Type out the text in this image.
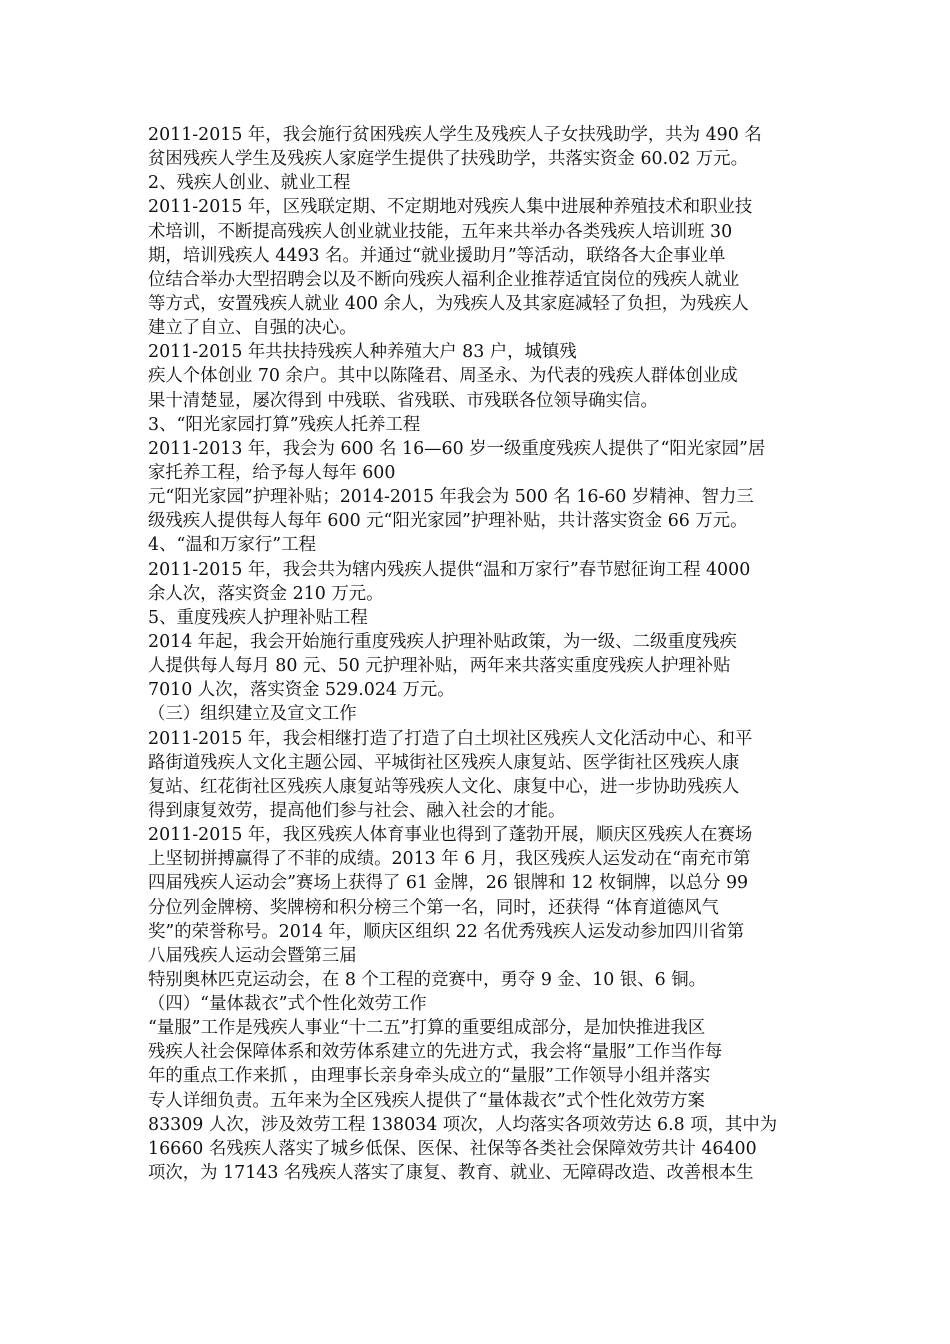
2011-2015 年，我会施行贫困残疾人学生及残疾人子女扶残助学，共为 490 名
贫困残疾人学生及残疾人家庭学生提供了扶残助学，共落实资金 60.02 万元。
2、残疾人创业、就业工程
2011-2015 年，区残联定期、不定期地对残疾人集中进展种养殖技术和职业技
术培训，不断提高残疾人创业就业技能，五年来共举办各类残疾人培训班 30
期，培训残疾人 4493 名。并通过“就业援助月”等活动，联络各大企事业单
位结合举办大型招聘会以及不断向残疾人福利企业推荐适宜岗位的残疾人就业
等方式，安置残疾人就业 400 余人，为残疾人及其家庭减轻了负担，为残疾人
建立了自立、自强的决心。
2011-2015 年共扶持残疾人种养殖大户 83 户，城镇残
疾人个体创业 70 余户。其中以陈隆君、周圣永、为代表的残疾人群体创业成
果十清楚显，屡次得到 中残联、省残联、市残联各位领导确实信。
3、“阳光家园打算”残疾人托养工程
2011-2013 年，我会为 600 名 16—60 岁一级重度残疾人提供了“阳光家园”居
家托养工程，给予每人每年 600
元“阳光家园”护理补贴；2014-2015 年我会为 500 名 16-60 岁精神、智力三
级残疾人提供每人每年 600 元“阳光家园”护理补贴，共计落实资金 66 万元。
4、“温和万家行”工程
2011-2015 年，我会共为辖内残疾人提供“温和万家行”春节慰征询工程 4000
余人次，落实资金 210 万元。
5、重度残疾人护理补贴工程
2014 年起，我会开始施行重度残疾人护理补贴政策，为一级、二级重度残疾
人提供每人每月 80 元、50 元护理补贴，两年来共落实重度残疾人护理补贴
7010 人次，落实资金 529.024 万元。
（三）组织建立及宣文工作
2011-2015 年，我会相继打造了打造了白土坝社区残疾人文化活动中心、和平
路街道残疾人文化主题公园、平城街社区残疾人康复站、医学街社区残疾人康
复站、红花街社区残疾人康复站等残疾人文化、康复中心，进一步协助残疾人
得到康复效劳，提高他们参与社会、融入社会的才能。
2011-2015 年，我区残疾人体育事业也得到了蓬勃开展，顺庆区残疾人在赛场
上坚韧拼搏赢得了不菲的成绩。2013 年 6 月，我区残疾人运发动在“南充市第
四届残疾人运动会”赛场上获得了 61 金牌，26 银牌和 12 枚铜牌，以总分 99
分位列金牌榜、奖牌榜和积分榜三个第一名，同时，还获得 “体育道德风气
奖”的荣誉称号。2014 年，顺庆区组织 22 名优秀残疾人运发动参加四川省第
八届残疾人运动会暨第三届
特别奥林匹克运动会，在 8 个工程的竞赛中，勇夺 9 金、10 银、6 铜。
（四）“量体裁衣”式个性化效劳工作
“量服”工作是残疾人事业“十二五”打算的重要组成部分，是加快推进我区
残疾人社会保障体系和效劳体系建立的先进方式，我会将“量服”工作当作每
年的重点工作来抓 ，由理事长亲身牵头成立的“量服”工作领导小组并落实
专人详细负责。五年来为全区残疾人提供了“量体裁衣”式个性化效劳方案
83309 人次，涉及效劳工程 138034 项次，人均落实各项效劳达 6.8 项，其中为
16660 名残疾人落实了城乡低保、医保、社保等各类社会保障效劳共计 46400
项次，为 17143 名残疾人落实了康复、教育、就业、无障碍改造、改善根本生
